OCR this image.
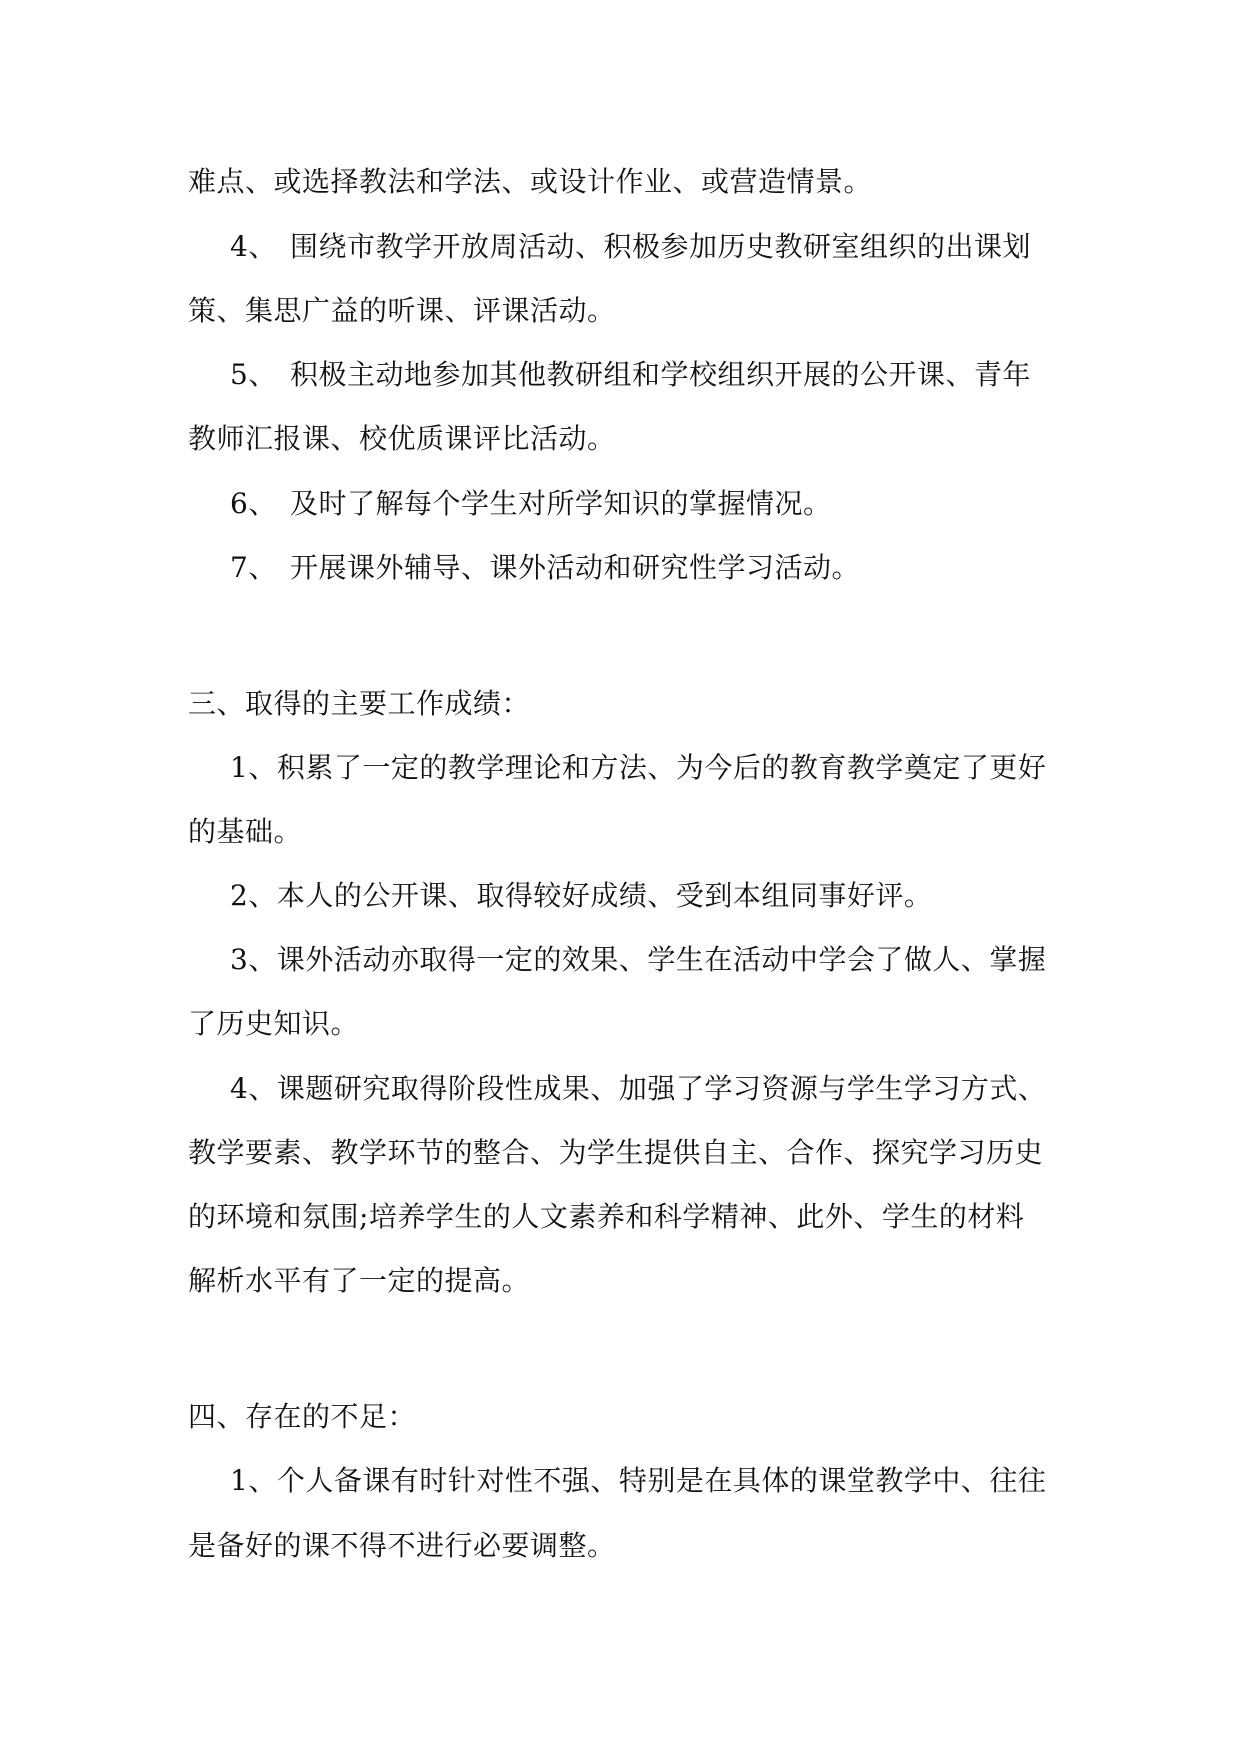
难点、或选择教法和学法、或设计作业、或营造情景。
4、 围绕市教学开放周活动、积极参加历史教研室组织的出课划
策、集思广益的听课、评课活动。
5、 积极主动地参加其他教研组和学校组织开展的公开课、青年
教师汇报课、校优质课评比活动。
6、 及时了解每个学生对所学知识的掌握情况。
7、 开展课外辅导、课外活动和研究性学习活动。
三、取得的主要工作成绩：
1、积累了一定的教学理论和方法、为今后的教育教学奠定了更好
的基础。
2、本人的公开课、取得较好成绩、受到本组同事好评。
3、课外活动亦取得一定的效果、学生在活动中学会了做人、掌握
了历史知识。
4、课题研究取得阶段性成果、加强了学习资源与学生学习方式、
教学要素、教学环节的整合、为学生提供自主、合作、探究学习历史
的环境和氛围;培养学生的人文素养和科学精神、此外、学生的材料
解析水平有了一定的提高。
四、存在的不足：
1、个人备课有时针对性不强、特别是在具体的课堂教学中、往往
是备好的课不得不进行必要调整。
